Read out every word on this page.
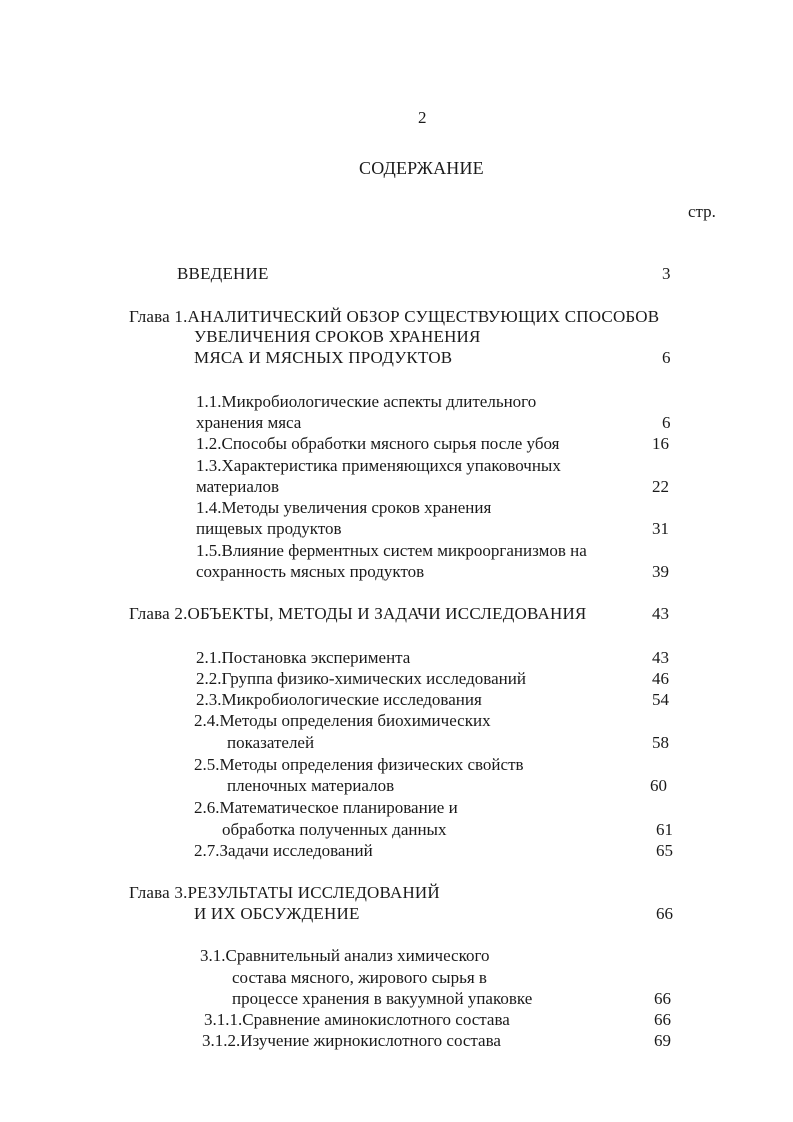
2
СОДЕРЖАНИЕ
стр.
ВВЕДЕНИЕ	3
Глава 1.АНАЛИТИЧЕСКИЙ ОБЗОР СУЩЕСТВУЮЩИХ СПОСОБОВ
УВЕЛИЧЕНИЯ СРОКОВ ХРАНЕНИЯ
МЯСА И МЯСНЫХ ПРОДУКТОВ	6
1.1.Микробиологические аспекты длительного
хранения мяса	6
1.2.Способы обработки мясного сырья после убоя	16
1.3.Характеристика применяющихся упаковочных
материалов	22
1.4.Методы увеличения сроков хранения
пищевых продуктов	31
1.5.Влияние ферментных систем микроорганизмов на
сохранность мясных продуктов	39
Глава 2.ОБЪЕКТЫ, МЕТОДЫ И ЗАДАЧИ ИССЛЕДОВАНИЯ	43
2.1.Постановка эксперимента	43
2.2.Группа физико-химических исследований	46
2.3.Микробиологические исследования	54
2.4.Методы определения биохимических
показателей	58
2.5.Методы определения физических свойств
пленочных материалов	60
2.6.Математическое планирование и
обработка полученных данных	61
2.7.Задачи исследований	65
Глава 3.РЕЗУЛЬТАТЫ ИССЛЕДОВАНИЙ
И ИХ ОБСУЖДЕНИЕ	66
3.1.Сравнительный анализ химического
состава мясного, жирового сырья в
процессе хранения в вакуумной упаковке	66
3.1.1.Сравнение аминокислотного состава	66
3.1.2.Изучение жирнокислотного состава	69
